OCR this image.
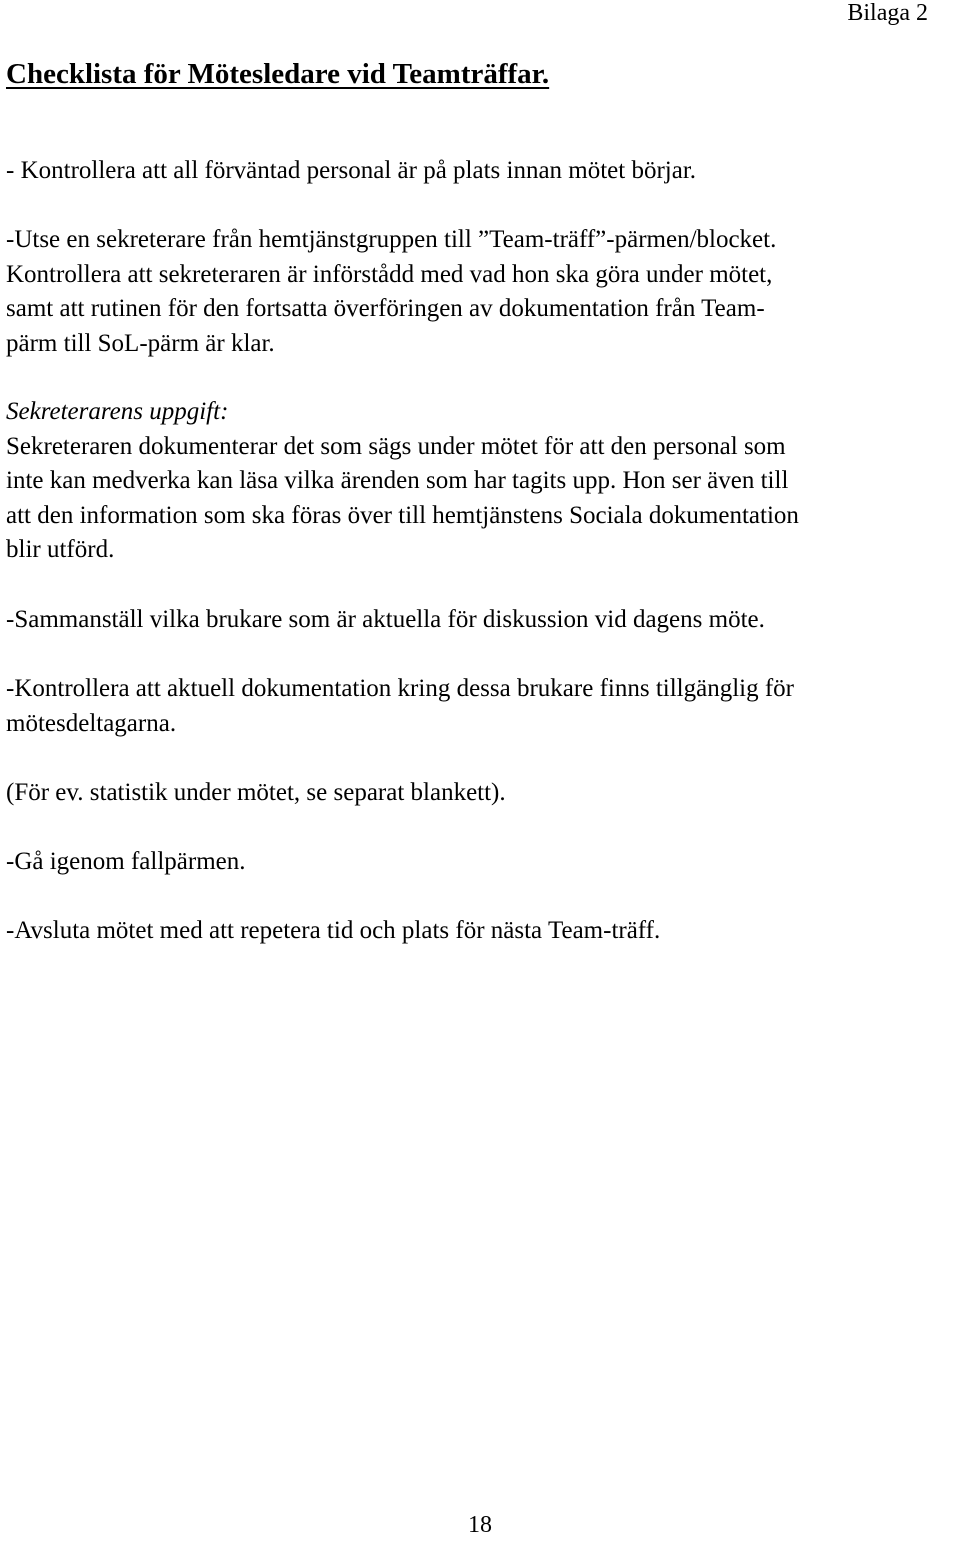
Bilaga 2
Checklista för Mötesledare vid Teamträffar.

- Kontrollera att all förväntad personal är på plats innan mötet börjar.

-Utse en sekreterare från hemtjänstgruppen till ”Team-träff”-pärmen/blocket.
Kontrollera att sekreteraren är införstådd med vad hon ska göra under mötet,
samt att rutinen för den fortsatta överföringen av dokumentation från Team-
pärm till SoL-pärm är klar.
Sekreterarens uppgift:
Sekreteraren dokumenterar det som sägs under mötet för att den personal som
inte kan medverka kan läsa vilka ärenden som har tagits upp. Hon ser även till
att den information som ska föras över till hemtjänstens Sociala dokumentation
blir utförd.

-Sammanställ vilka brukare som är aktuella för diskussion vid dagens möte.

-Kontrollera att aktuell dokumentation kring dessa brukare finns tillgänglig för
mötesdeltagarna.

(För ev. statistik under mötet, se separat blankett).

-Gå igenom fallpärmen.

-Avsluta mötet med att repetera tid och plats för nästa Team-träff.

18
